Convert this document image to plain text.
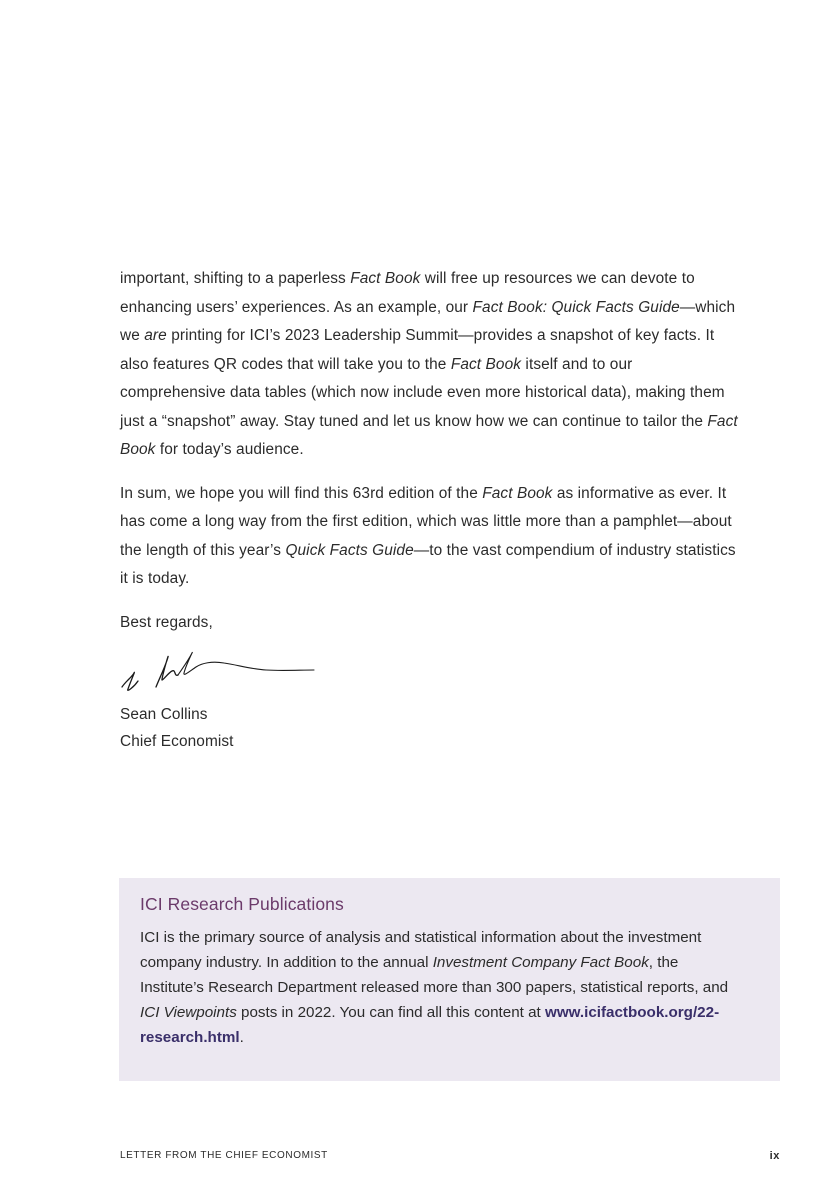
important, shifting to a paperless Fact Book will free up resources we can devote to enhancing users’ experiences. As an example, our Fact Book: Quick Facts Guide—which we are printing for ICI’s 2023 Leadership Summit—provides a snapshot of key facts. It also features QR codes that will take you to the Fact Book itself and to our comprehensive data tables (which now include even more historical data), making them just a “snapshot” away. Stay tuned and let us know how we can continue to tailor the Fact Book for today’s audience.

In sum, we hope you will find this 63rd edition of the Fact Book as informative as ever. It has come a long way from the first edition, which was little more than a pamphlet—about the length of this year’s Quick Facts Guide—to the vast compendium of industry statistics it is today.

Best regards,

Sean Collins
Chief Economist
ICI Research Publications

ICI is the primary source of analysis and statistical information about the investment company industry. In addition to the annual Investment Company Fact Book, the Institute’s Research Department released more than 300 papers, statistical reports, and ICI Viewpoints posts in 2022. You can find all this content at www.icifactbook.org/22-research.html.

LETTER FROM THE CHIEF ECONOMIST	ix
